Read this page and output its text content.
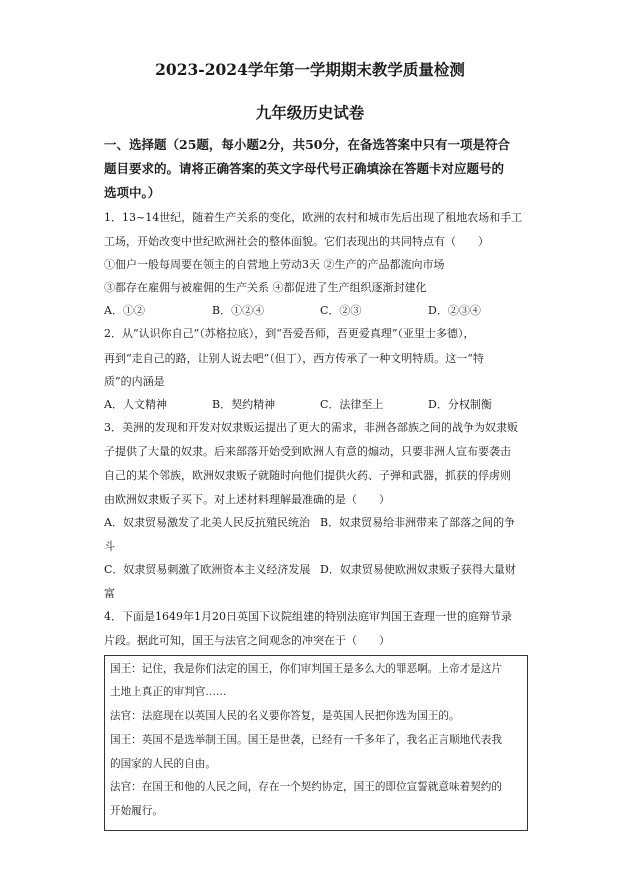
2023-2024学年第一学期期末教学质量检测
九年级历史试卷
一、选择题（25题，每小题2分，共50分，在备选答案中只有一项是符合
题目要求的。请将正确答案的英文字母代号正确填涂在答题卡对应题号的
选项中。）
1．13~14世纪，随着生产关系的变化，欧洲的农村和城市先后出现了租地农场和手工
工场，开始改变中世纪欧洲社会的整体面貌。它们表现出的共同特点有（　　）
①佃户一般每周要在领主的自营地上劳动3天 ②生产的产品都流向市场
③都存在雇佣与被雇佣的生产关系 ④都促进了生产组织逐渐封建化
A．①②	B．①②④	C．②③	D．②③④
2．从“认识你自己”（苏格拉底），到“吾爱吾师，吾更爱真理”（亚里士多德），
再到“走自己的路，让别人说去吧”（但丁），西方传承了一种文明特质。这一“特
质”的内涵是
A．人文精神	B．契约精神	C．法律至上	D．分权制衡
3．美洲的发现和开发对奴隶贩运提出了更大的需求，非洲各部族之间的战争为奴隶贩
子提供了大量的奴隶。后来部落开始受到欧洲人有意的煽动，只要非洲人宣布要袭击
自己的某个邻族，欧洲奴隶贩子就随时向他们提供火药、子弹和武器，抓获的俘虏则
由欧洲奴隶贩子买下。对上述材料理解最准确的是（　　）
A．奴隶贸易激发了北美人民反抗殖民统治 B．奴隶贸易给非洲带来了部落之间的争
斗
C．奴隶贸易刺激了欧洲资本主义经济发展 D．奴隶贸易使欧洲奴隶贩子获得大量财
富
4．下面是1649年1月20日英国下议院组建的特别法庭审判国王查理一世的庭辩节录
片段。据此可知，国王与法官之间观念的冲突在于（　　）
国王：记住，我是你们法定的国王，你们审判国王是多么大的罪恶啊。上帝才是这片
土地上真正的审判官……
法官：法庭现在以英国人民的名义要你答复，是英国人民把你选为国王的。
国王：英国不是选举制王国。国王是世袭，已经有一千多年了，我名正言顺地代表我
的国家的人民的自由。
法官：在国王和他的人民之间，存在一个契约协定，国王的即位宣誓就意味着契约的
开始履行。
